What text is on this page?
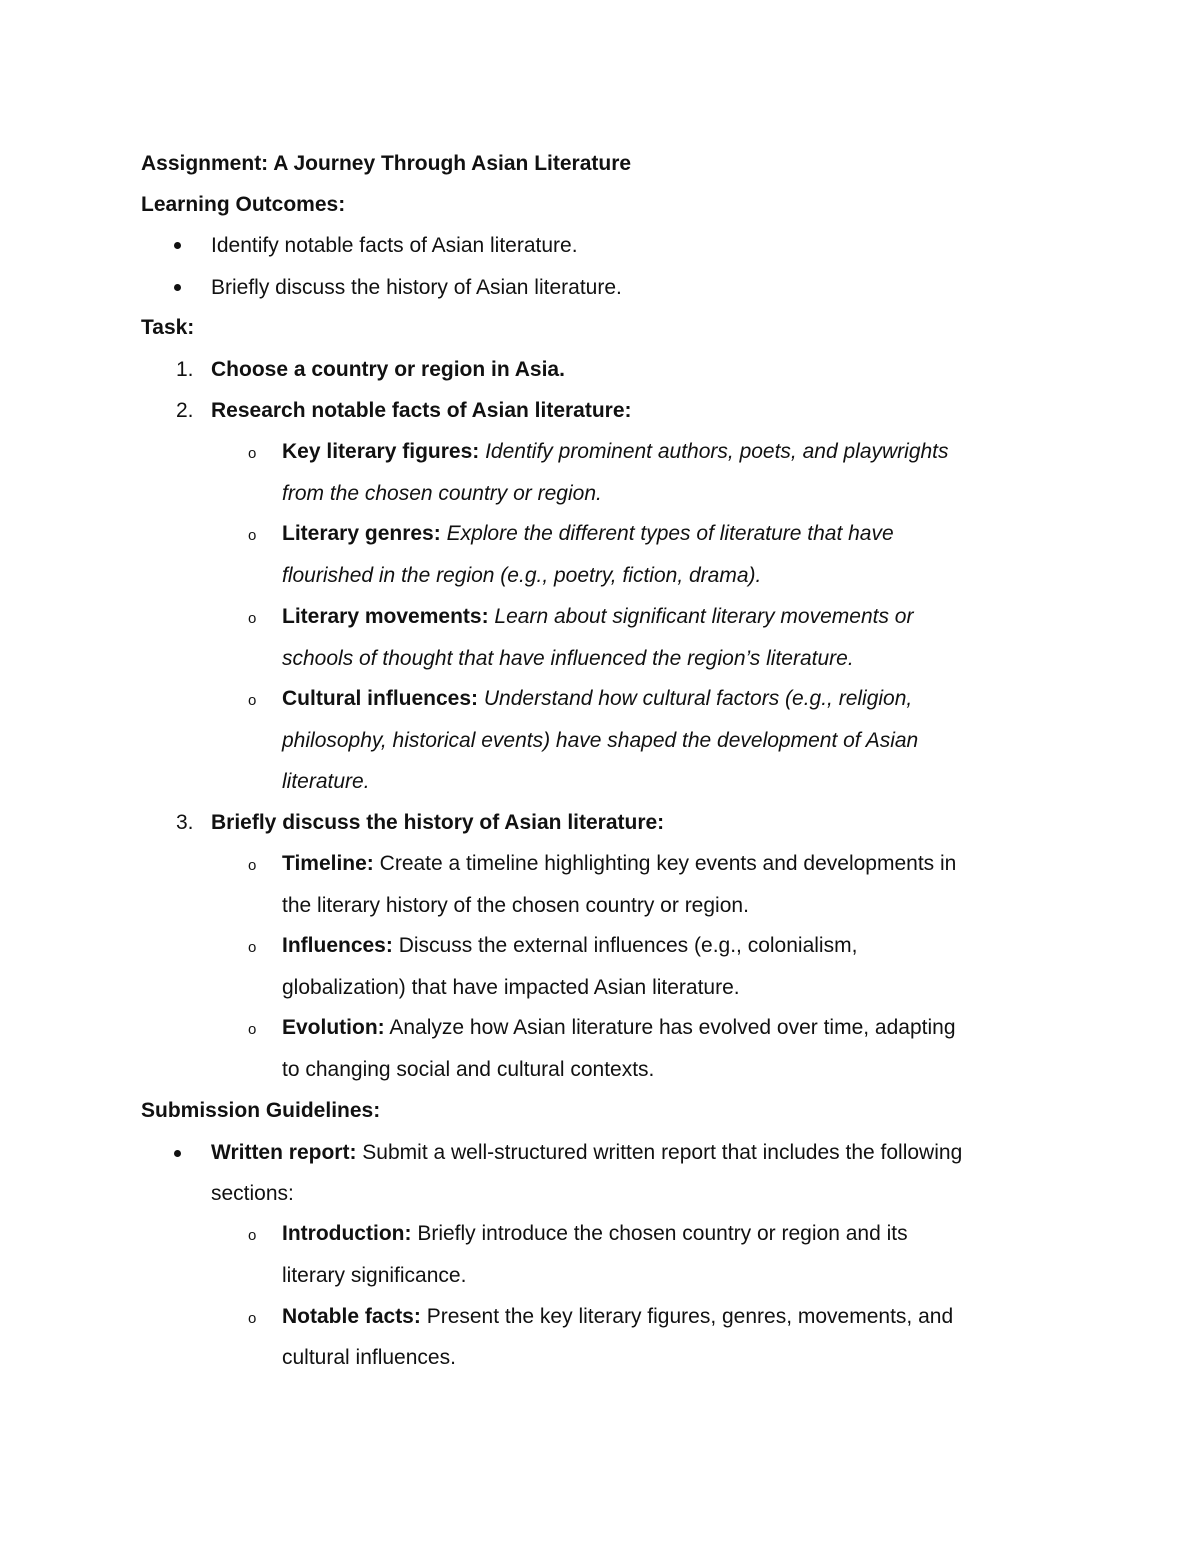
Assignment: A Journey Through Asian Literature
Learning Outcomes:
Identify notable facts of Asian literature.
Briefly discuss the history of Asian literature.
Task:
1. Choose a country or region in Asia.
2. Research notable facts of Asian literature:
o Key literary figures: Identify prominent authors, poets, and playwrights
from the chosen country or region.
o Literary genres: Explore the different types of literature that have
flourished in the region (e.g., poetry, fiction, drama).
o Literary movements: Learn about significant literary movements or
schools of thought that have influenced the region’s literature.
o Cultural influences: Understand how cultural factors (e.g., religion,
philosophy, historical events) have shaped the development of Asian
literature.
3. Briefly discuss the history of Asian literature:
o Timeline: Create a timeline highlighting key events and developments in
the literary history of the chosen country or region.
o Influences: Discuss the external influences (e.g., colonialism,
globalization) that have impacted Asian literature.
o Evolution: Analyze how Asian literature has evolved over time, adapting
to changing social and cultural contexts.
Submission Guidelines:
Written report: Submit a well-structured written report that includes the following
sections:
o Introduction: Briefly introduce the chosen country or region and its
literary significance.
o Notable facts: Present the key literary figures, genres, movements, and
cultural influences.
